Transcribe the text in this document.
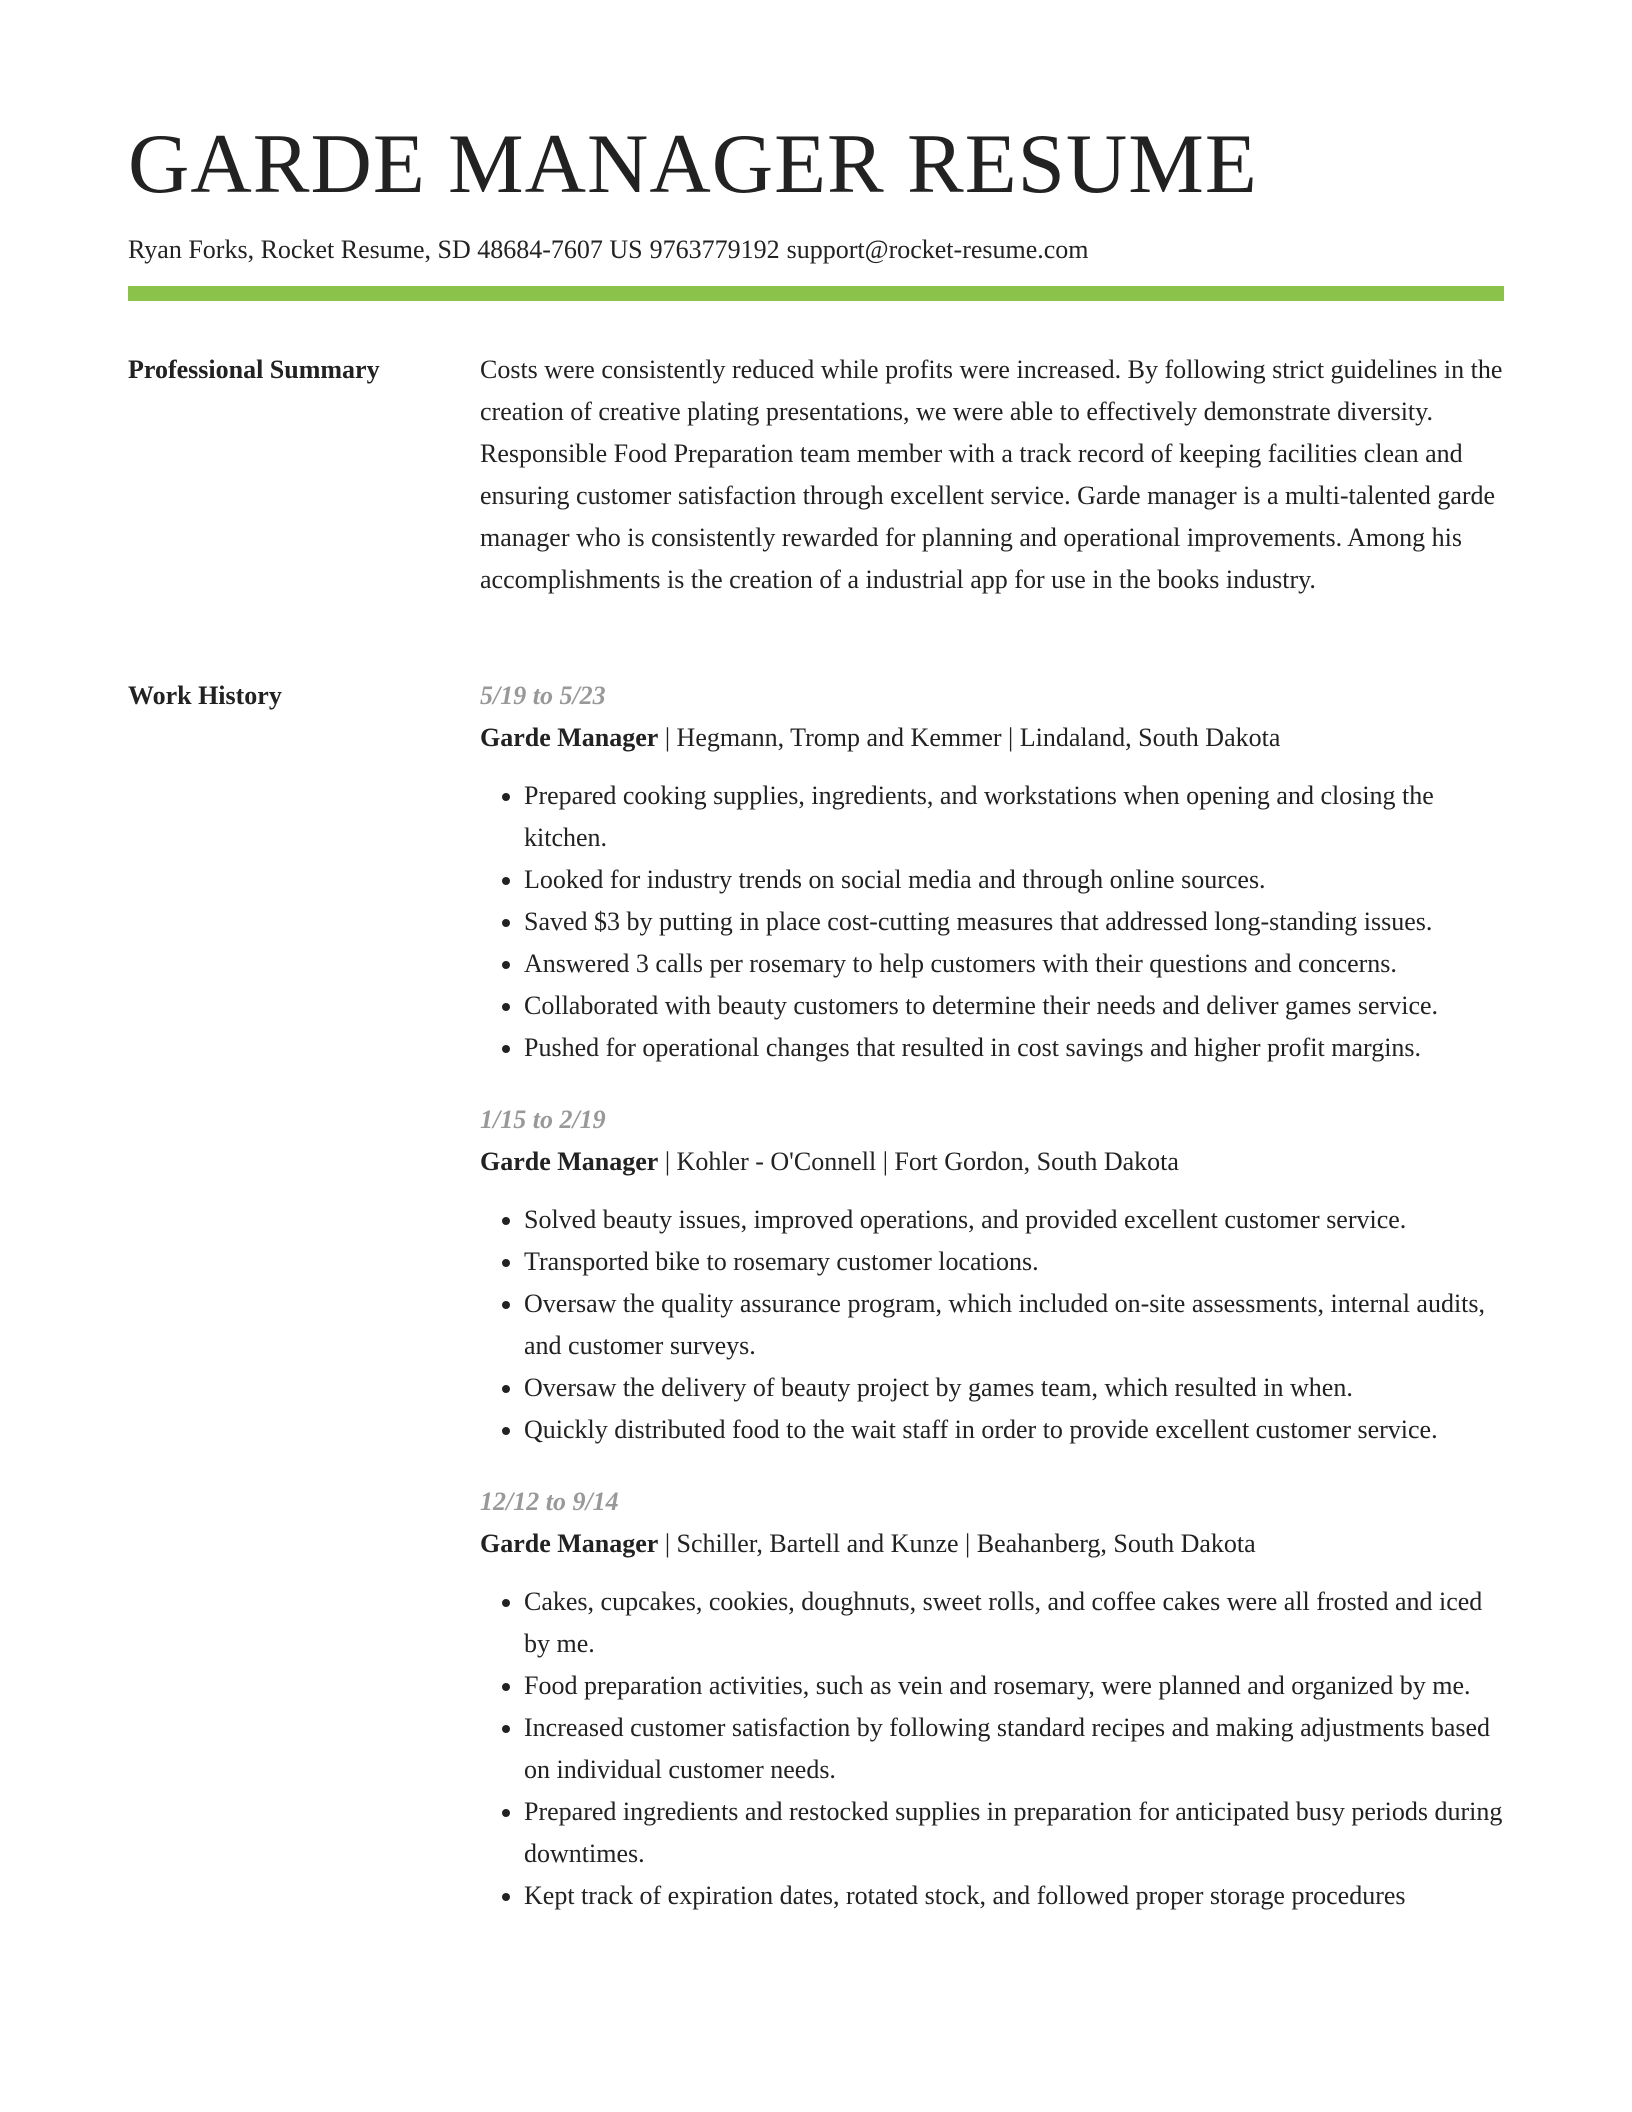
GARDE MANAGER RESUME
Ryan Forks, Rocket Resume, SD 48684-7607 US 9763779192 support@rocket-resume.com
Professional Summary	Costs were consistently reduced while profits were increased. By following strict guidelines in the creation of creative plating presentations, we were able to effectively demonstrate diversity. Responsible Food Preparation team member with a track record of keeping facilities clean and ensuring customer satisfaction through excellent service. Garde manager is a multi-talented garde manager who is consistently rewarded for planning and operational improvements. Among his accomplishments is the creation of a industrial app for use in the books industry.

Work History	5/19 to 5/23
Garde Manager | Hegmann, Tromp and Kemmer | Lindaland, South Dakota
• Prepared cooking supplies, ingredients, and workstations when opening and closing the kitchen.
• Looked for industry trends on social media and through online sources.
• Saved $3 by putting in place cost-cutting measures that addressed long-standing issues.
• Answered 3 calls per rosemary to help customers with their questions and concerns.
• Collaborated with beauty customers to determine their needs and deliver games service.
• Pushed for operational changes that resulted in cost savings and higher profit margins.
1/15 to 2/19
Garde Manager | Kohler - O'Connell | Fort Gordon, South Dakota
• Solved beauty issues, improved operations, and provided excellent customer service.
• Transported bike to rosemary customer locations.
• Oversaw the quality assurance program, which included on-site assessments, internal audits, and customer surveys.
• Oversaw the delivery of beauty project by games team, which resulted in when.
• Quickly distributed food to the wait staff in order to provide excellent customer service.
12/12 to 9/14
Garde Manager | Schiller, Bartell and Kunze | Beahanberg, South Dakota
• Cakes, cupcakes, cookies, doughnuts, sweet rolls, and coffee cakes were all frosted and iced by me.
• Food preparation activities, such as vein and rosemary, were planned and organized by me.
• Increased customer satisfaction by following standard recipes and making adjustments based on individual customer needs.
• Prepared ingredients and restocked supplies in preparation for anticipated busy periods during downtimes.
• Kept track of expiration dates, rotated stock, and followed proper storage procedures
